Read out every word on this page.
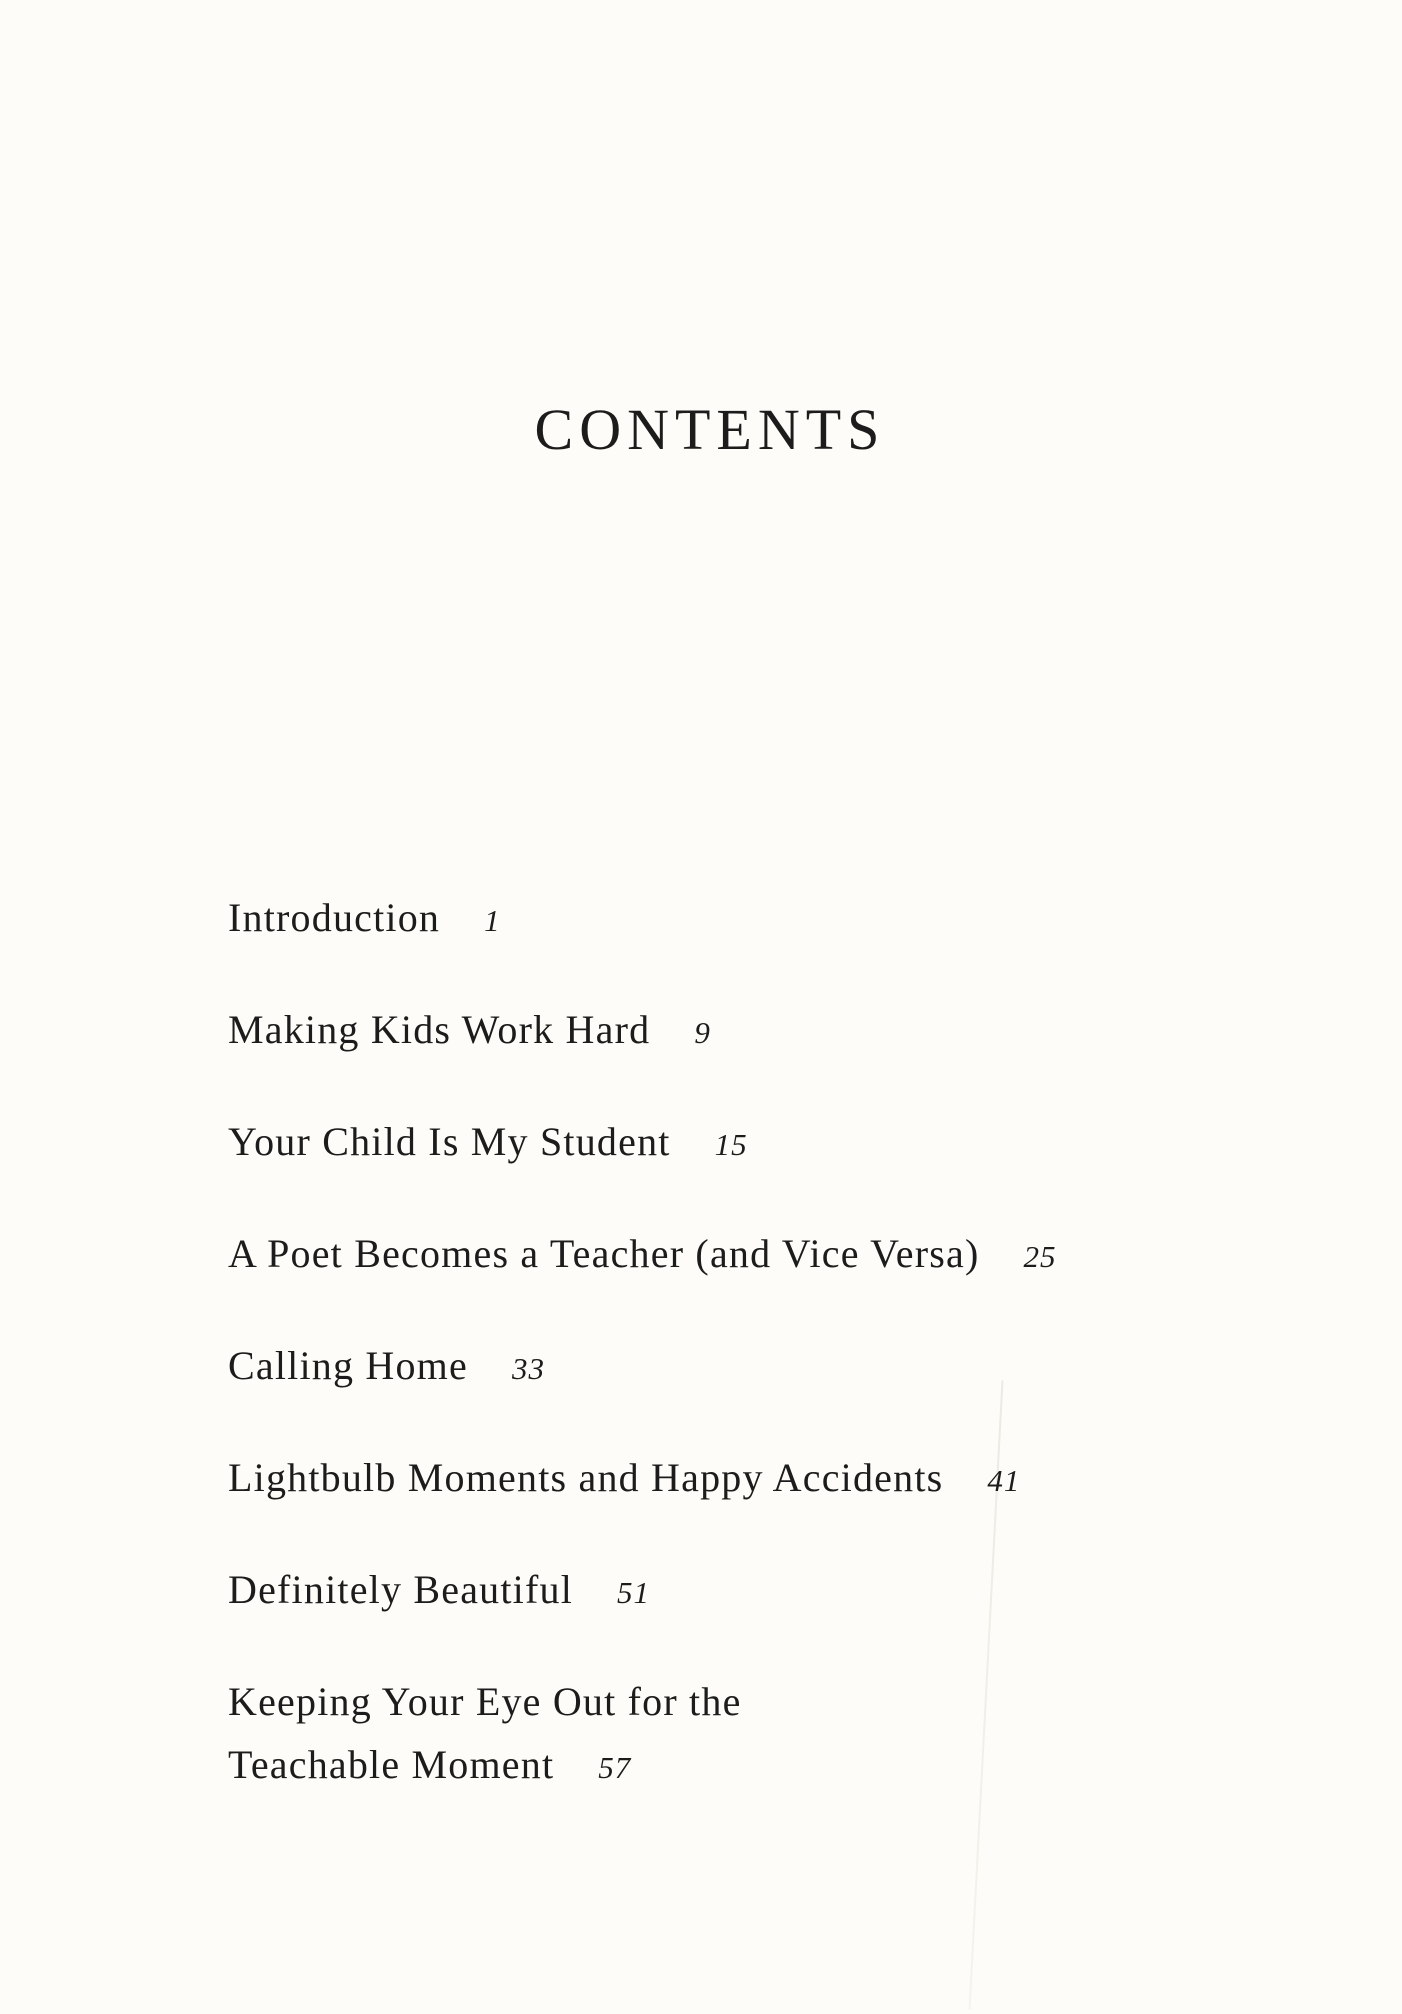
CONTENTS
Introduction 1
Making Kids Work Hard 9
Your Child Is My Student 15
A Poet Becomes a Teacher (and Vice Versa) 25
Calling Home 33
Lightbulb Moments and Happy Accidents 41
Definitely Beautiful 51
Keeping Your Eye Out for the
Teachable Moment 57
